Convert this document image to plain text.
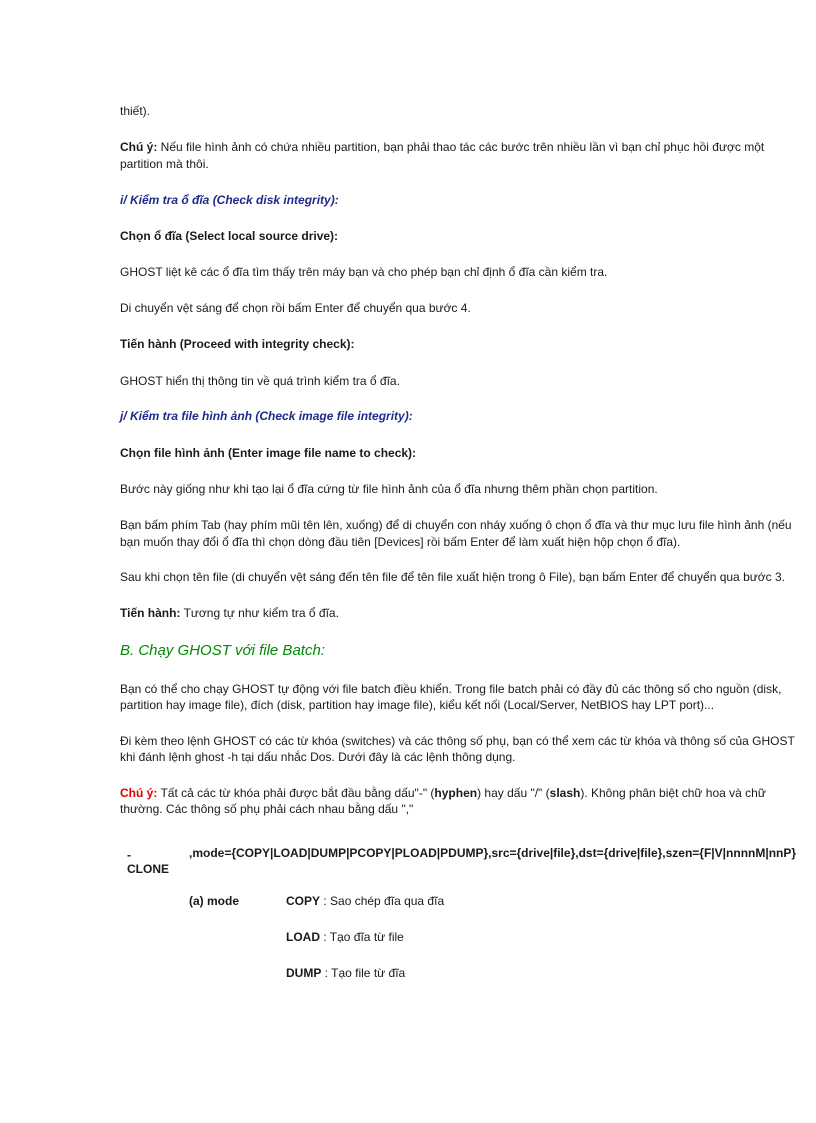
thiết).
Chú ý: Nếu file hình ảnh có chứa nhiều partition, bạn phải thao tác các bước trên nhiều lần vì bạn chỉ phục hồi được một
partition mà thôi.
i/ Kiểm tra ổ đĩa (Check disk integrity):
Chọn ổ đĩa (Select local source drive):
GHOST liệt kê các ổ đĩa tìm thấy trên máy bạn và cho phép bạn chỉ định ổ đĩa cần kiểm tra.
Di chuyển vệt sáng để chọn rồi bấm Enter để chuyển qua bước 4.
Tiến hành (Proceed with integrity check):
GHOST hiển thị thông tin về quá trình kiểm tra ổ đĩa.
j/ Kiểm tra file hình ảnh (Check image file integrity):
Chọn file hình ảnh (Enter image file name to check):
Bước này giống như khi tạo lại ổ đĩa cứng từ file hình ảnh của ổ đĩa nhưng thêm phần chọn partition.
Bạn bấm phím Tab (hay phím mũi tên lên, xuống) để di chuyển con nháy xuống ô chọn ổ đĩa và thư mục lưu file hình ảnh (nếu
bạn muốn thay đổi ổ đĩa thì chọn dòng đầu tiên [Devices] rồi bấm Enter để làm xuất hiện hộp chọn ổ đĩa).
Sau khi chọn tên file (di chuyển vệt sáng đến tên file để tên file xuất hiện trong ô File), bạn bấm Enter để chuyển qua bước 3.
Tiến hành: Tương tự như kiểm tra ổ đĩa.
B. Chạy GHOST với file Batch:
Bạn có thể cho chạy GHOST tự động với file batch điều khiển. Trong file batch phải có đầy đủ các thông số cho nguồn (disk,
partition hay image file), đích (disk, partition hay image file), kiểu kết nối (Local/Server, NetBIOS hay LPT port)...
Đi kèm theo lệnh GHOST có các từ khóa (switches) và các thông số phụ, bạn có thể xem các từ khóa và thông số của GHOST
khi đánh lệnh ghost -h tại dấu nhắc Dos. Dưới đây là các lệnh thông dụng.
Chú ý: Tất cả các từ khóa phải được bắt đầu bằng dấu"-" (hyphen) hay dấu "/" (slash). Không phân biệt chữ hoa và chữ
thường. Các thông số phụ phải cách nhau bằng dấu ","
-
CLONE
,mode={COPY|LOAD|DUMP|PCOPY|PLOAD|PDUMP},src={drive|file},dst={drive|file},szen={F|V|nnnnM|nnP}
(a) mode	COPY : Sao chép đĩa qua đĩa
LOAD : Tạo đĩa từ file
DUMP : Tạo file từ đĩa
